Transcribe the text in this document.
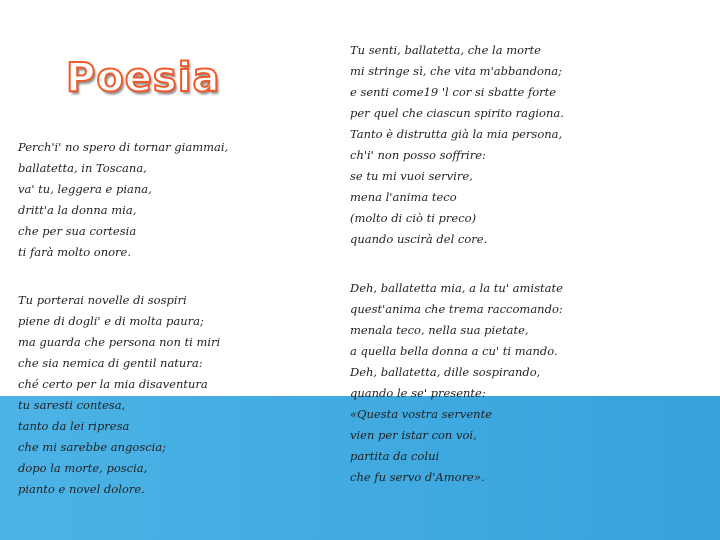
Poesia
Perch'i' no spero di tornar giammai,
ballatetta, in Toscana,
va' tu, leggera e piana,
dritt'a la donna mia,
che per sua cortesia
ti farà molto onore.
Tu porterai novelle di sospiri
piene di dogli' e di molta paura;
ma guarda che persona non ti miri
che sia nemica di gentil natura:
ché certo per la mia disaventura
tu saresti contesa,
tanto da lei ripresa
che mi sarebbe angoscia;
dopo la morte, poscia,
pianto e novel dolore.
Tu senti, ballatetta, che la morte
mi stringe sì, che vita m'abbandona;
e senti come19 'l cor si sbatte forte
per quel che ciascun spirito ragiona.
Tanto è distrutta già la mia persona,
ch'i' non posso soffrire:
se tu mi vuoi servire,
mena l'anima teco
(molto di ciò ti preco)
quando uscirà del core.
Deh, ballatetta mia, a la tu' amistate
quest'anima che trema raccomando:
menala teco, nella sua pietate,
a quella bella donna a cu' ti mando.
Deh, ballatetta, dille sospirando,
quando le se' presente:
«Questa vostra servente
vien per istar con voi,
partita da colui
che fu servo d'Amore».
